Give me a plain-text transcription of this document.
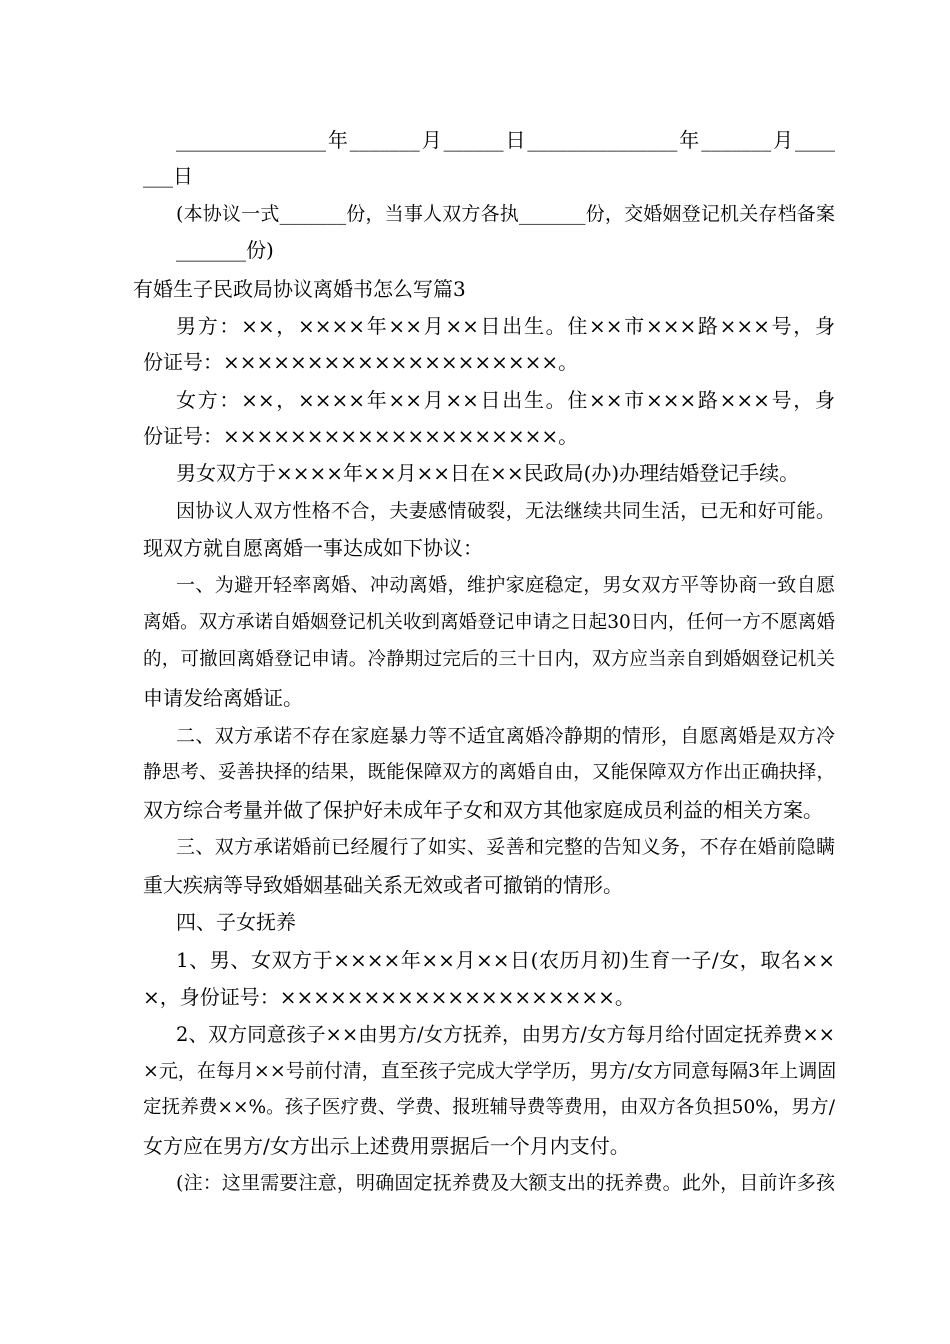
_______________年_______月______日_______________年_______月____
___日
(本协议一式_______份，当事人双方各执_______份，交婚姻登记机关存档备案
_______份)
有婚生子民政局协议离婚书怎么写篇3
男方：××，××××年××月××日出生。住××市×××路×××号，身
份证号：××××××××××××××××××××。
女方：××，××××年××月××日出生。住××市×××路×××号，身
份证号：××××××××××××××××××××。
男女双方于××××年××月××日在××民政局(办)办理结婚登记手续。
因协议人双方性格不合，夫妻感情破裂，无法继续共同生活，已无和好可能。
现双方就自愿离婚一事达成如下协议：
一、为避开轻率离婚、冲动离婚，维护家庭稳定，男女双方平等协商一致自愿
离婚。双方承诺自婚姻登记机关收到离婚登记申请之日起30日内，任何一方不愿离婚
的，可撤回离婚登记申请。冷静期过完后的三十日内，双方应当亲自到婚姻登记机关
申请发给离婚证。
二、双方承诺不存在家庭暴力等不适宜离婚冷静期的情形，自愿离婚是双方冷
静思考、妥善抉择的结果，既能保障双方的离婚自由，又能保障双方作出正确抉择，
双方综合考量并做了保护好未成年子女和双方其他家庭成员利益的相关方案。
三、双方承诺婚前已经履行了如实、妥善和完整的告知义务，不存在婚前隐瞒
重大疾病等导致婚姻基础关系无效或者可撤销的情形。
四、子女抚养
1、男、女双方于××××年××月××日(农历月初)生育一子/女，取名××
×，身份证号：××××××××××××××××××××。
2、双方同意孩子××由男方/女方抚养，由男方/女方每月给付固定抚养费××
×元，在每月××号前付清，直至孩子完成大学学历，男方/女方同意每隔3年上调固
定抚养费××%。孩子医疗费、学费、报班辅导费等费用，由双方各负担50%，男方/
女方应在男方/女方出示上述费用票据后一个月内支付。
(注：这里需要注意，明确固定抚养费及大额支出的抚养费。此外，目前许多孩
